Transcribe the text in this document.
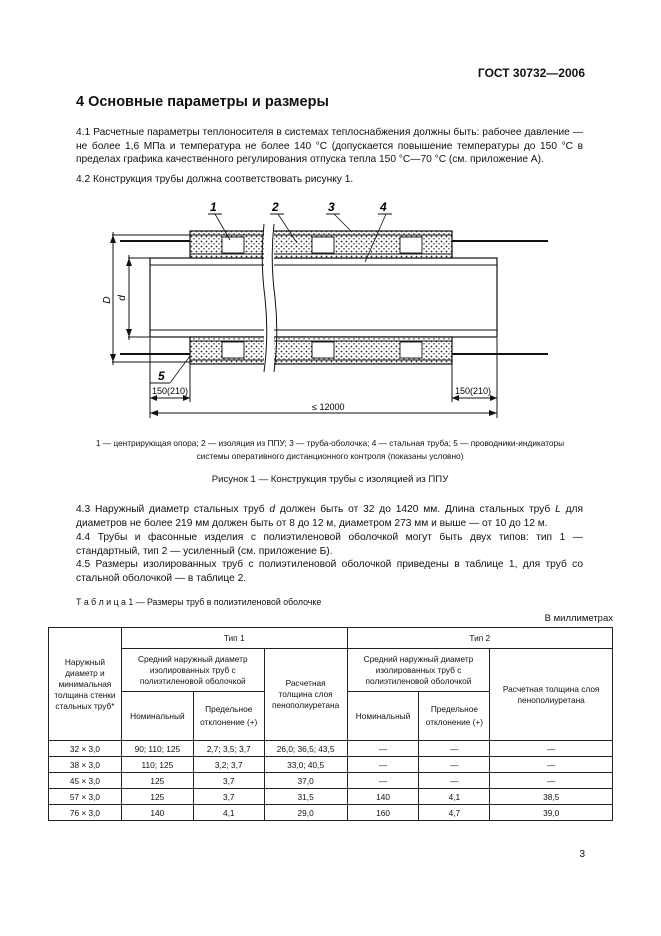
ГОСТ 30732—2006
4 Основные параметры и размеры

4.1 Расчетные параметры теплоносителя в системах теплоснабжения должны быть: рабочее давление — не более 1,6 МПа и температура не более 140 °С (допускается повышение температуры до 150 °С в пределах графика качественного регулирования отпуска тепла 150 °С—70 °С (см. приложение А).

4.2 Конструкция трубы должна соответствовать рисунку 1.

D d
1	2	3	4
5
150(210)	150(210)
≤ 12000

1 — центрирующая опора; 2 — изоляция из ППУ; 3 — труба-оболочка; 4 — стальная труба; 5 — проводники-индикаторы
системы оперативного дистанционного контроля (показаны условно)

Рисунок 1 — Конструкция трубы с изоляцией из ППУ

4.3 Наружный диаметр стальных труб d должен быть от 32 до 1420 мм. Длина стальных труб L для диаметров не более 219 мм должен быть от 8 до 12 м, диаметром 273 мм и выше — от 10 до 12 м.

4.4 Трубы и фасонные изделия с полиэтиленовой оболочкой могут быть двух типов: тип 1 — стандартный, тип 2 — усиленный (см. приложение Б).

4.5 Размеры изолированных труб с полиэтиленовой оболочкой приведены в таблице 1, для труб со стальной оболочкой — в таблице 2.

Т а б л и ц а 1 — Размеры труб в полиэтиленовой оболочке
В миллиметрах
Наружный диаметр и минимальная толщина стенки стальных труб*	Тип 1			Тип 2		
	Средний наружный диаметр изолированных труб с полиэтиленовой оболочкой		Расчетная толщина слоя пенополиуретана	Средний наружный диаметр изолированных труб с полиэтиленовой оболочкой		Расчетная толщина слоя пенополиуретана
	Номинальный	Предельное отклонение (+)		Номинальный	Предельное отклонение (+)	
32 × 3,0	90; 110; 125	2,7; 3,5; 3,7	26,0; 36,5; 43,5	—	—	—
38 × 3,0	110; 125	3,2; 3,7	33,0; 40,5	—	—	—
45 × 3,0	125	3,7	37,0	—	—	—
57 × 3,0	125	3,7	31,5	140	4,1	38,5
76 × 3,0	140	4,1	29,0	160	4,7	39,0
3
